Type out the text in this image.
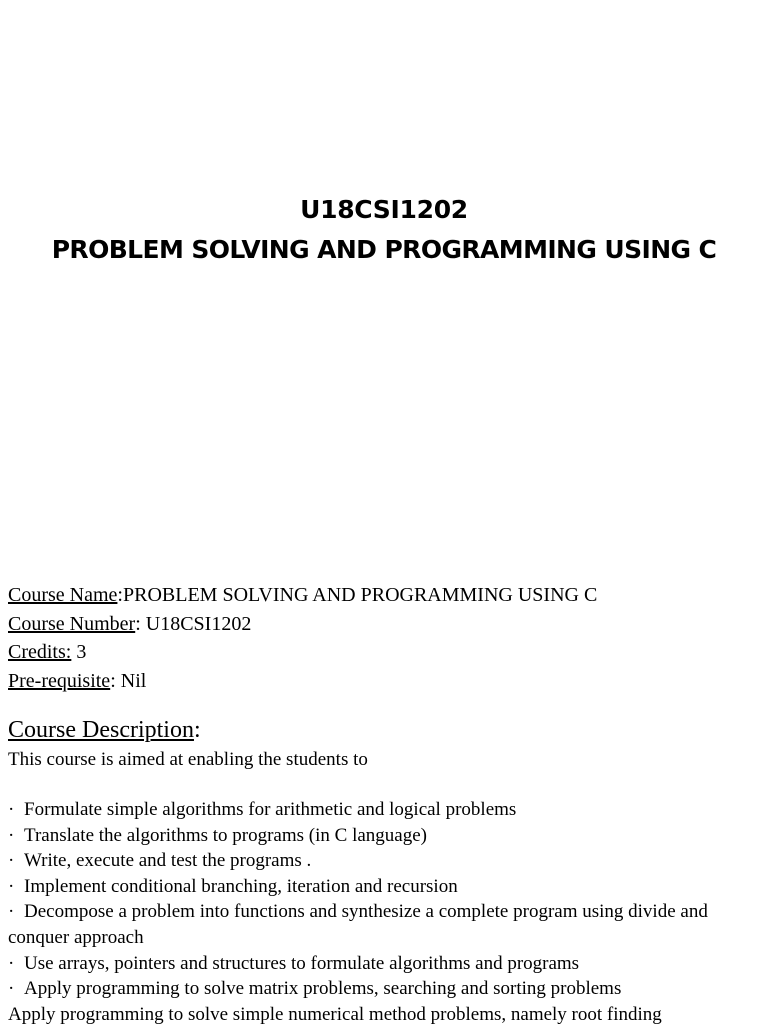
U18CSI1202
PROBLEM SOLVING AND PROGRAMMING USING C
Course Name:PROBLEM SOLVING AND PROGRAMMING USING C
Course Number: U18CSI1202
Credits: 3
Pre-requisite: Nil
Course Description:
This course is aimed at enabling the students to
· Formulate simple algorithms for arithmetic and logical problems
· Translate the algorithms to programs (in C language)
· Write, execute and test the programs .
· Implement conditional branching, iteration and recursion
· Decompose a problem into functions and synthesize a complete program using divide and conquer approach
· Use arrays, pointers and structures to formulate algorithms and programs
· Apply programming to solve matrix problems, searching and sorting problems
Apply programming to solve simple numerical method problems, namely root finding
